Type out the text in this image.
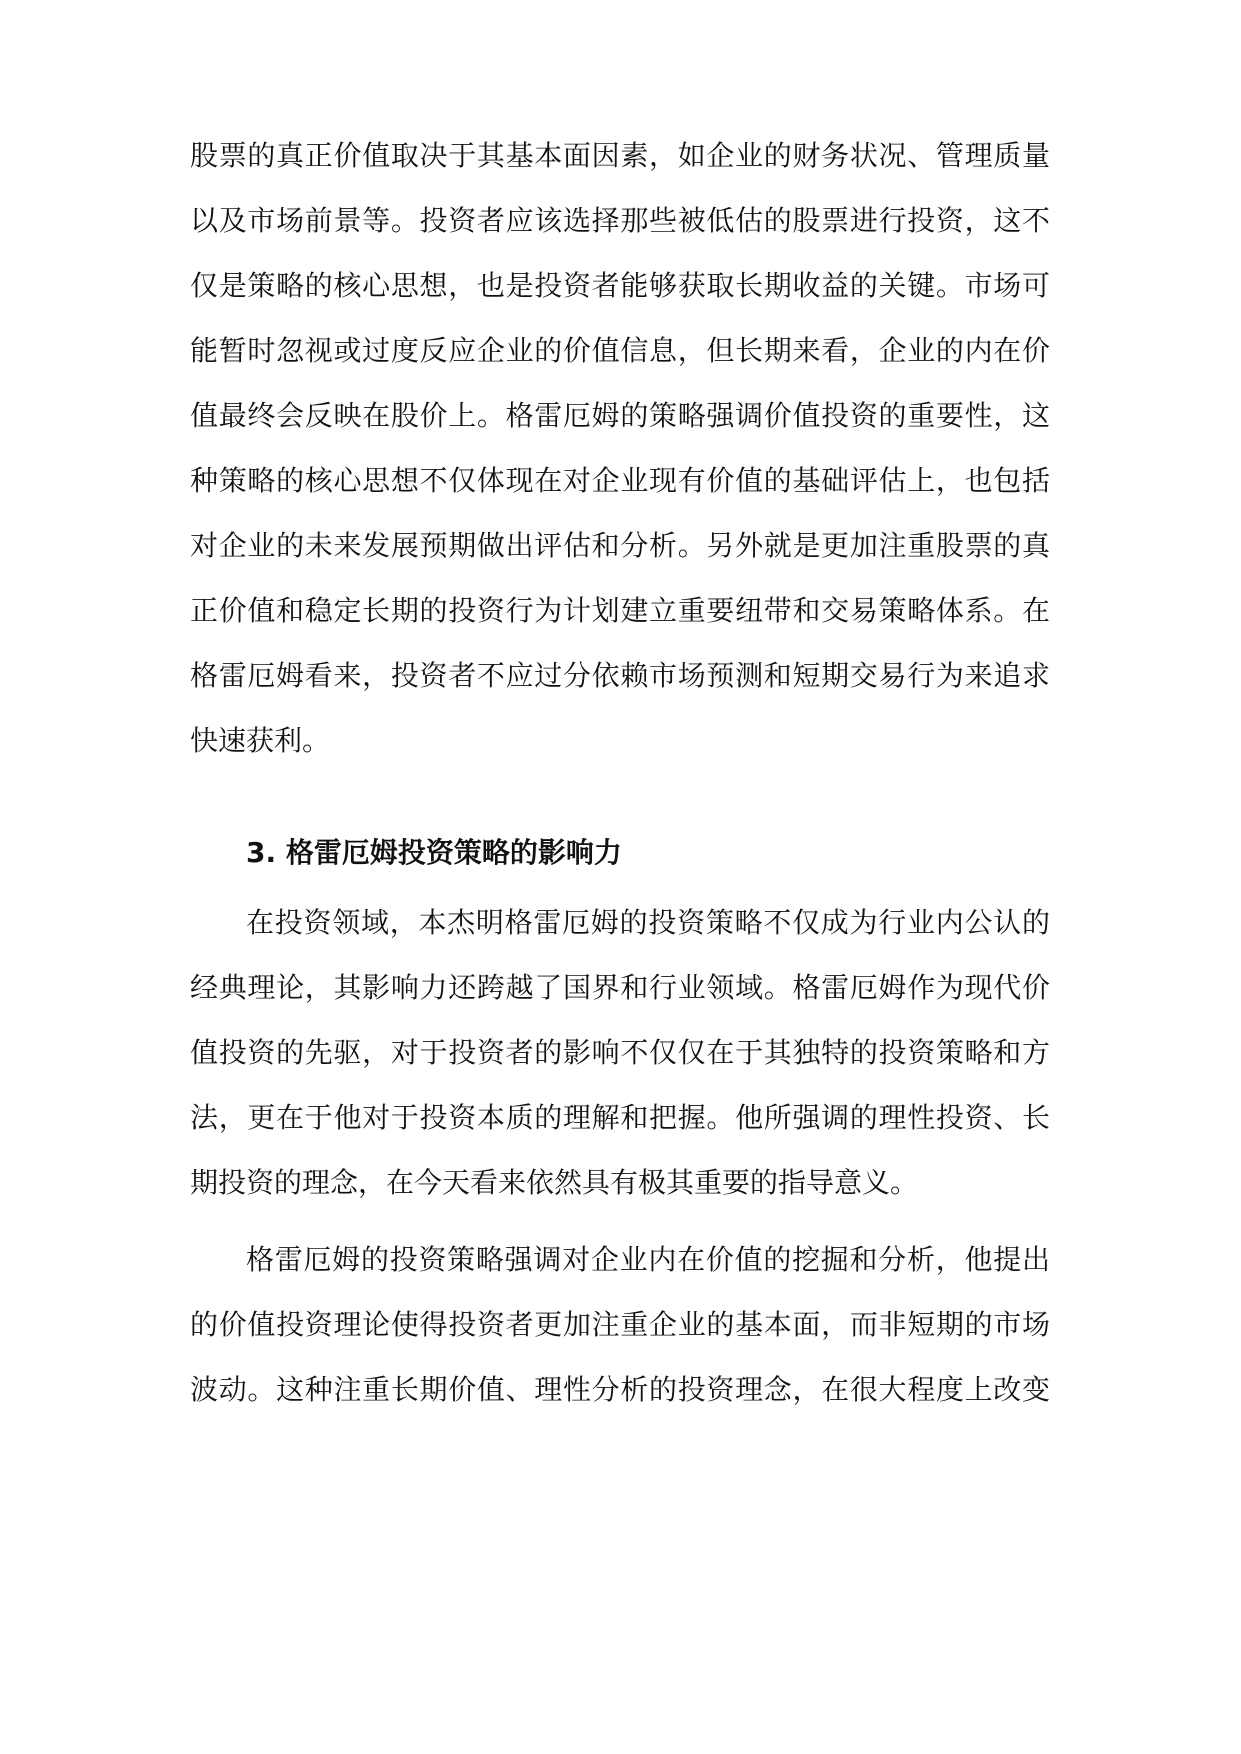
股票的真正价值取决于其基本面因素，如企业的财务状况、管理质量
以及市场前景等。投资者应该选择那些被低估的股票进行投资，这不
仅是策略的核心思想，也是投资者能够获取长期收益的关键。市场可
能暂时忽视或过度反应企业的价值信息，但长期来看，企业的内在价
值最终会反映在股价上。格雷厄姆的策略强调价值投资的重要性，这
种策略的核心思想不仅体现在对企业现有价值的基础评估上，也包括
对企业的未来发展预期做出评估和分析。另外就是更加注重股票的真
正价值和稳定长期的投资行为计划建立重要纽带和交易策略体系。在
格雷厄姆看来，投资者不应过分依赖市场预测和短期交易行为来追求
快速获利。
3. 格雷厄姆投资策略的影响力
在投资领域，本杰明格雷厄姆的投资策略不仅成为行业内公认的
经典理论，其影响力还跨越了国界和行业领域。格雷厄姆作为现代价
值投资的先驱，对于投资者的影响不仅仅在于其独特的投资策略和方
法，更在于他对于投资本质的理解和把握。他所强调的理性投资、长
期投资的理念，在今天看来依然具有极其重要的指导意义。
格雷厄姆的投资策略强调对企业内在价值的挖掘和分析，他提出
的价值投资理论使得投资者更加注重企业的基本面，而非短期的市场
波动。这种注重长期价值、理性分析的投资理念，在很大程度上改变
